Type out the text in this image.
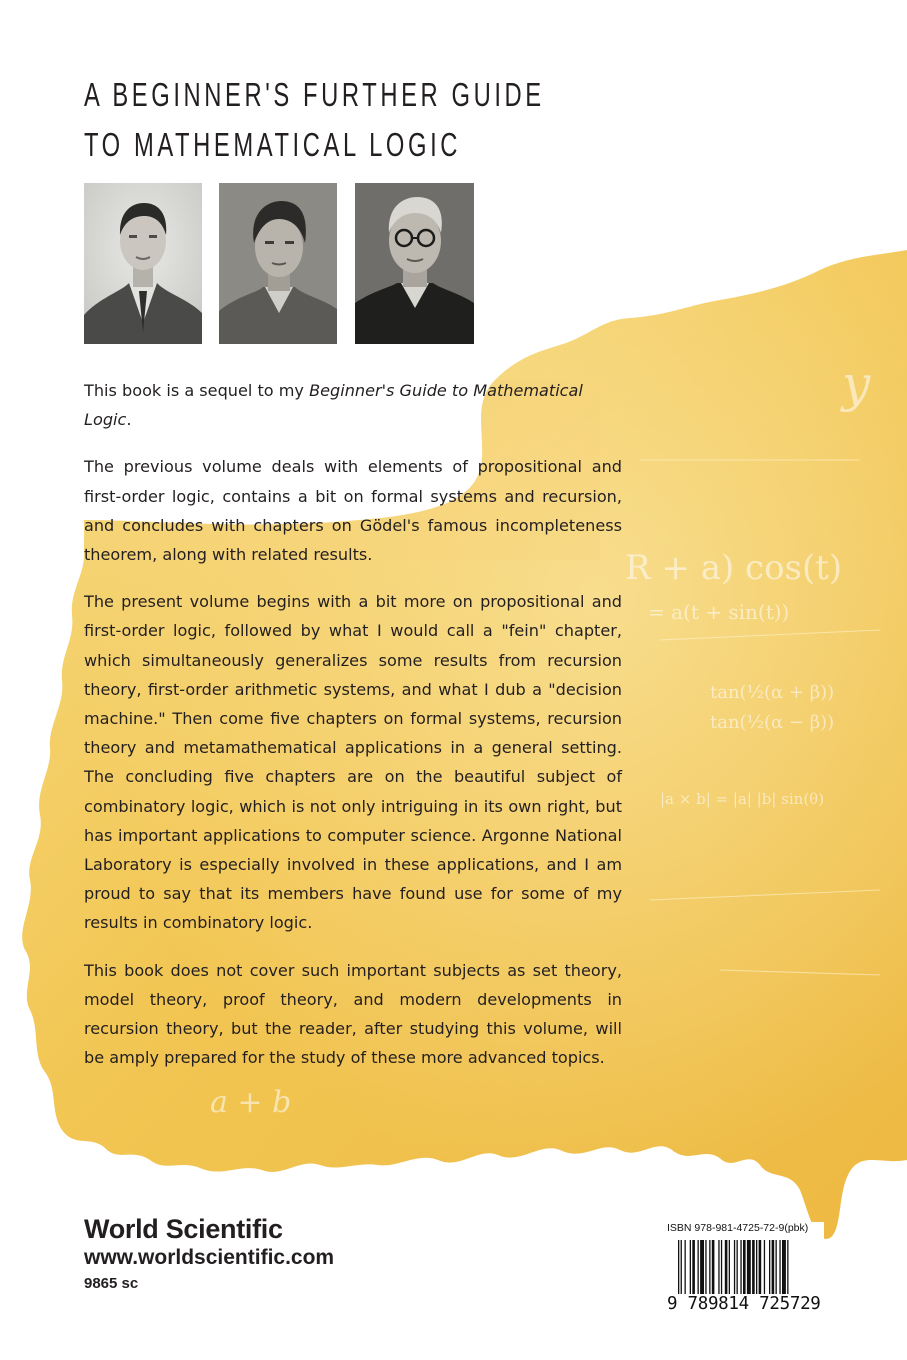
y
R + a) cos(t)
= a(t + sin(t))
tan(½(α + β))
tan(½(α − β))
|a × b| = |a| |b| sin(θ)
a + b
A BEGINNER'S FURTHER GUIDE
TO MATHEMATICAL LOGIC

This book is a sequel to my Beginner's Guide to Mathematical Logic.

The previous volume deals with elements of propositional and first-order logic, contains a bit on formal systems and recursion, and concludes with chapters on Gödel's famous incompleteness theorem, along with related results.

The present volume begins with a bit more on propositional and first-order logic, followed by what I would call a "fein" chapter, which simultaneously generalizes some results from recursion theory, first-order arithmetic systems, and what I dub a "decision machine." Then come five chapters on formal systems, recursion theory and metamathematical applications in a general setting. The concluding five chapters are on the beautiful subject of combinatory logic, which is not only intriguing in its own right, but has important applications to computer science. Argonne National Laboratory is especially involved in these applications, and I am proud to say that its members have found use for some of my results in combinatory logic.

This book does not cover such important subjects as set theory, model theory, proof theory, and modern developments in recursion theory, but the reader, after studying this volume, will be amply prepared for the study of these more advanced topics.

World Scientific
www.worldscientific.com
9865 sc
ISBN 978-981-4725-72-9(pbk)
9 789814 725729
